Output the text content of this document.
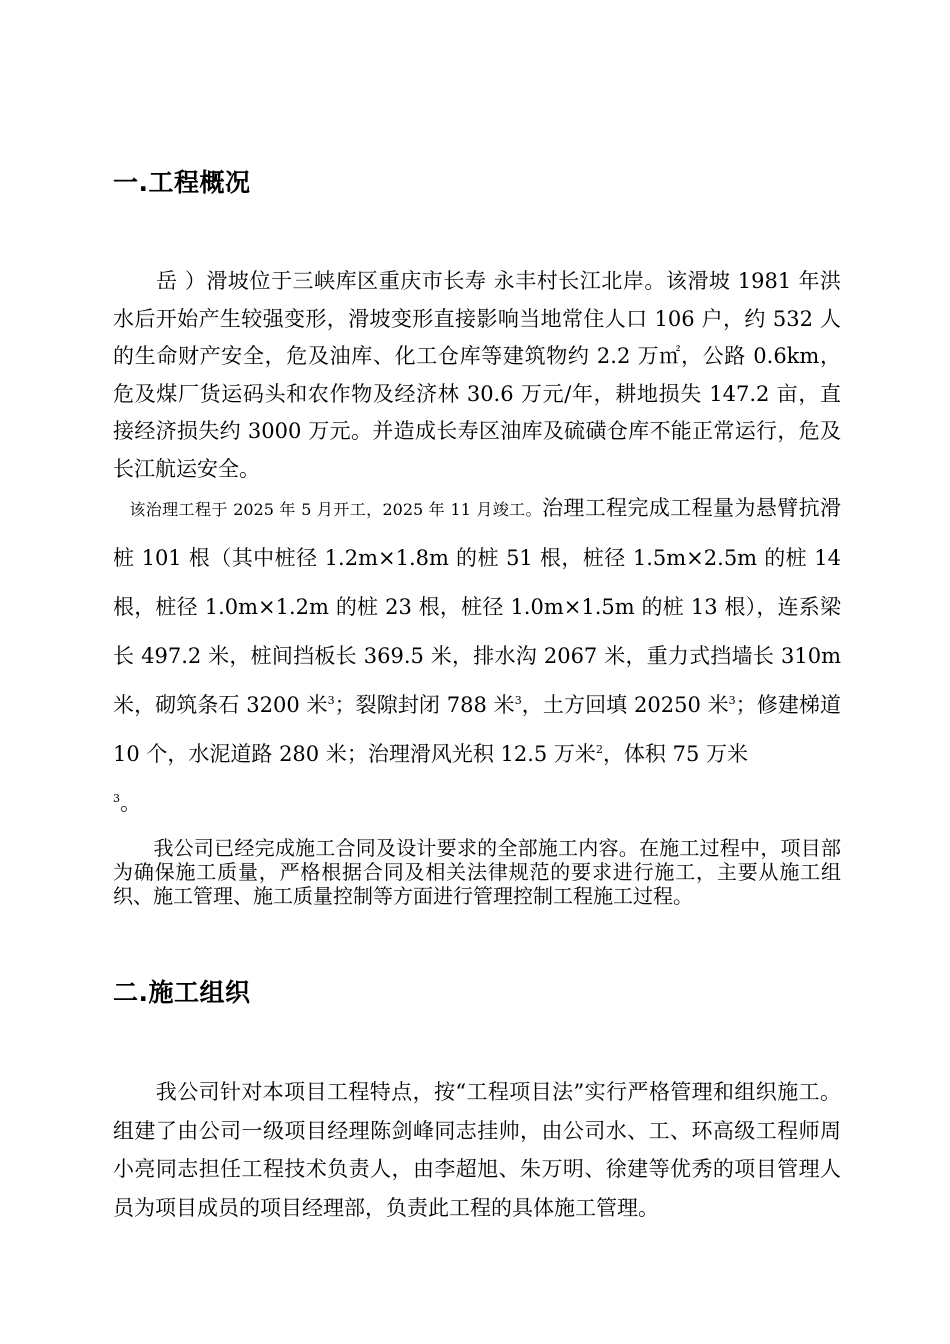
一.工程概况

　　岳 ）滑坡位于三峡库区重庆市长寿 永丰村长江北岸。该滑坡 1981 年洪水后开始产生较强变形，滑坡变形直接影响当地常住人口 106 户，约 532 人的生命财产安全，危及油库、化工仓库等建筑物约 2.2 万㎡，公路 0.6km，危及煤厂货运码头和农作物及经济林 30.6 万元/年，耕地损失 147.2 亩，直接经济损失约 3000 万元。并造成长寿区油库及硫磺仓库不能正常运行，危及长江航运安全。

　该治理工程于 2025 年 5 月开工，2025 年 11 月竣工。治理工程完成工程量为悬臂抗滑桩 101 根（其中桩径 1.2m×1.8m 的桩 51 根，桩径 1.5m×2.5m 的桩 14 根，桩径 1.0m×1.2m 的桩 23 根，桩径 1.0m×1.5m 的桩 13 根），连系梁长 497.2 米，桩间挡板长 369.5 米，排水沟 2067 米，重力式挡墙长 310m 米，砌筑条石 3200 米$^3$；裂隙封闭 788 米$^3$，土方回填 20250 米$^3$；修建梯道 10 个，水泥道路 280 米；治理滑风光积 12.5 万米$^2$，体积 75 万米
$^3$。

　　我公司已经完成施工合同及设计要求的全部施工内容。在施工过程中，项目部为确保施工质量，严格根据合同及相关法律规范的要求进行施工，主要从施工组织、施工管理、施工质量控制等方面进行管理控制工程施工过程。

二.施工组织

　　我公司针对本项目工程特点，按“工程项目法”实行严格管理和组织施工。组建了由公司一级项目经理陈剑峰同志挂帅，由公司水、工、环高级工程师周小亮同志担任工程技术负责人，由李超旭、朱万明、徐建等优秀的项目管理人员为项目成员的项目经理部，负责此工程的具体施工管理。
